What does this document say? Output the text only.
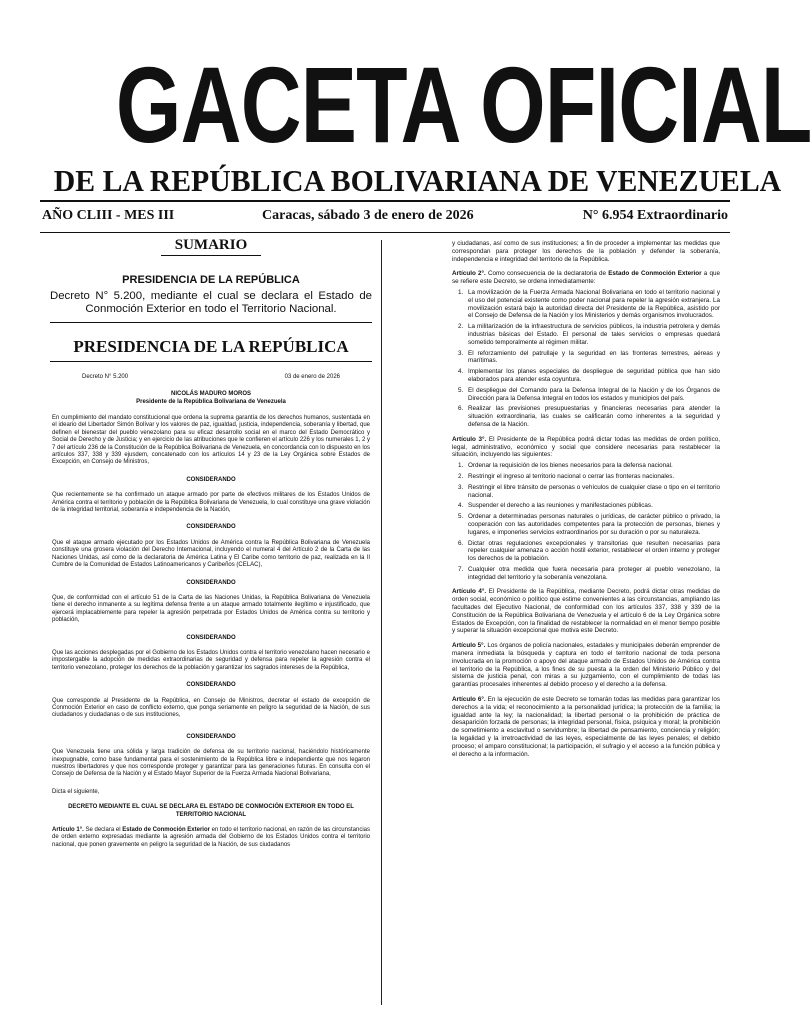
GACETA OFICIAL
DE LA REPÚBLICA BOLIVARIANA DE VENEZUELA
AÑO CLIII - MES III	Caracas, sábado 3 de enero de 2026	N° 6.954 Extraordinario
SUMARIO
PRESIDENCIA DE LA REPÚBLICA
Decreto N° 5.200, mediante el cual se declara el Estado de Conmoción Exterior en todo el Territorio Nacional.
PRESIDENCIA DE LA REPÚBLICA
Decreto N° 5.200	03 de enero de 2026
NICOLÁS MADURO MOROS
Presidente de la República Bolivariana de Venezuela

En cumplimiento del mandato constitucional que ordena la suprema garantía de los derechos humanos, sustentada en el ideario del Libertador Simón Bolívar y los valores de paz, igualdad, justicia, independencia, soberanía y libertad, que definen el bienestar del pueblo venezolano para su eficaz desarrollo social en el marco del Estado Democrático y Social de Derecho y de Justicia; y en ejercicio de las atribuciones que le confieren el artículo 226 y los numerales 1, 2 y 7 del artículo 236 de la Constitución de la República Bolivariana de Venezuela, en concordancia con lo dispuesto en los artículos 337, 338 y 339 ejusdem, concatenado con los artículos 14 y 23 de la Ley Orgánica sobre Estados de Excepción, en Consejo de Ministros,

CONSIDERANDO

Que recientemente se ha confirmado un ataque armado por parte de efectivos militares de los Estados Unidos de América contra el territorio y población de la República Bolivariana de Venezuela, lo cual constituye una grave violación de la integridad territorial, soberanía e independencia de la Nación,

CONSIDERANDO

Que el ataque armado ejecutado por los Estados Unidos de América contra la República Bolivariana de Venezuela constituye una grosera violación del Derecho Internacional, incluyendo el numeral 4 del Artículo 2 de la Carta de las Naciones Unidas, así como de la declaratoria de América Latina y El Caribe como territorio de paz, realizada en la II Cumbre de la Comunidad de Estados Latinoamericanos y Caribeños (CELAC),

CONSIDERANDO

Que, de conformidad con el artículo 51 de la Carta de las Naciones Unidas, la República Bolivariana de Venezuela tiene el derecho inmanente a su legítima defensa frente a un ataque armado totalmente ilegítimo e injustificado, que ejercerá implacablemente para repeler la agresión perpetrada por Estados Unidos de América contra su territorio y población,

CONSIDERANDO

Que las acciones desplegadas por el Gobierno de los Estados Unidos contra el territorio venezolano hacen necesario e impostergable la adopción de medidas extraordinarias de seguridad y defensa para repeler la agresión contra el territorio venezolano, proteger los derechos de la población y garantizar los sagrados intereses de la República,

CONSIDERANDO

Que corresponde al Presidente de la República, en Consejo de Ministros, decretar el estado de excepción de Conmoción Exterior en caso de conflicto externo, que ponga seriamente en peligro la seguridad de la Nación, de sus ciudadanos y ciudadanas o de sus instituciones,

CONSIDERANDO

Que Venezuela tiene una sólida y larga tradición de defensa de su territorio nacional, haciéndolo históricamente inexpugnable, como base fundamental para el sostenimiento de la República libre e independiente que nos legaron nuestros libertadores y que nos corresponde proteger y garantizar para las generaciones futuras. En consulta con el Consejo de Defensa de la Nación y el Estado Mayor Superior de la Fuerza Armada Nacional Bolivariana,

Dicta el siguiente,

DECRETO MEDIANTE EL CUAL SE DECLARA EL ESTADO DE CONMOCIÓN EXTERIOR EN TODO EL TERRITORIO NACIONAL

Artículo 1°. Se declara el Estado de Conmoción Exterior en todo el territorio nacional, en razón de las circunstancias de orden externo expresadas mediante la agresión armada del Gobierno de los Estados Unidos contra el territorio nacional, que ponen gravemente en peligro la seguridad de la Nación, de sus ciudadanos

y ciudadanas, así como de sus instituciones; a fin de proceder a implementar las medidas que correspondan para proteger los derechos de la población y defender la soberanía, independencia e integridad del territorio de la República.

Artículo 2°. Como consecuencia de la declaratoria de Estado de Conmoción Exterior a que se refiere este Decreto, se ordena inmediatamente:

1. La movilización de la Fuerza Armada Nacional Bolivariana en todo el territorio nacional y el uso del potencial existente como poder nacional para repeler la agresión extranjera. La movilización estará bajo la autoridad directa del Presidente de la República, asistido por el Consejo de Defensa de la Nación y los Ministerios y demás organismos involucrados.
2. La militarización de la infraestructura de servicios públicos, la industria petrolera y demás industrias básicas del Estado. El personal de tales servicios o empresas quedará sometido temporalmente al régimen militar.
3. El reforzamiento del patrullaje y la seguridad en las fronteras terrestres, aéreas y marítimas.
4. Implementar los planes especiales de despliegue de seguridad pública que han sido elaborados para atender esta coyuntura.
5. El despliegue del Comando para la Defensa Integral de la Nación y de los Órganos de Dirección para la Defensa Integral en todos los estados y municipios del país.
6. Realizar las previsiones presupuestarias y financieras necesarias para atender la situación extraordinaria, las cuales se calificarán como inherentes a la seguridad y defensa de la Nación.

Artículo 3°. El Presidente de la República podrá dictar todas las medidas de orden político, legal, administrativo, económico y social que considere necesarias para restablecer la situación, incluyendo las siguientes:

1. Ordenar la requisición de los bienes necesarios para la defensa nacional.
2. Restringir el ingreso al territorio nacional o cerrar las fronteras nacionales.
3. Restringir el libre tránsito de personas o vehículos de cualquier clase o tipo en el territorio nacional.
4. Suspender el derecho a las reuniones y manifestaciones públicas.
5. Ordenar a determinadas personas naturales o jurídicas, de carácter público o privado, la cooperación con las autoridades competentes para la protección de personas, bienes y lugares, e imponerles servicios extraordinarios por su duración o por su naturaleza.
6. Dictar otras regulaciones excepcionales y transitorias que resulten necesarias para repeler cualquier amenaza o acción hostil exterior, restablecer el orden interno y proteger los derechos de la población.
7. Cualquier otra medida que fuera necesaria para proteger al pueblo venezolano, la integridad del territorio y la soberanía venezolana.

Artículo 4°. El Presidente de la República, mediante Decreto, podrá dictar otras medidas de orden social, económico o político que estime convenientes a las circunstancias, ampliando las facultades del Ejecutivo Nacional, de conformidad con los artículos 337, 338 y 339 de la Constitución de la República Bolivariana de Venezuela y el artículo 6 de la Ley Orgánica sobre Estados de Excepción, con la finalidad de restablecer la normalidad en el menor tiempo posible y superar la situación excepcional que motiva este Decreto.

Artículo 5°. Los órganos de policía nacionales, estadales y municipales deberán emprender de manera inmediata la búsqueda y captura en todo el territorio nacional de toda persona involucrada en la promoción o apoyo del ataque armado de Estados Unidos de América contra el territorio de la República, a los fines de su puesta a la orden del Ministerio Público y del sistema de justicia penal, con miras a su juzgamiento, con el cumplimiento de todas las garantías procesales inherentes al debido proceso y el derecho a la defensa.

Artículo 6°. En la ejecución de este Decreto se tomarán todas las medidas para garantizar los derechos a la vida; el reconocimiento a la personalidad jurídica; la protección de la familia; la igualdad ante la ley; la nacionalidad; la libertad personal o la prohibición de práctica de desaparición forzada de personas; la integridad personal, física, psíquica y moral; la prohibición de sometimiento a esclavitud o servidumbre; la libertad de pensamiento, conciencia y religión; la legalidad y la irretroactividad de las leyes, especialmente de las leyes penales; el debido proceso; el amparo constitucional; la participación, el sufragio y el acceso a la función pública y el derecho a la información.
